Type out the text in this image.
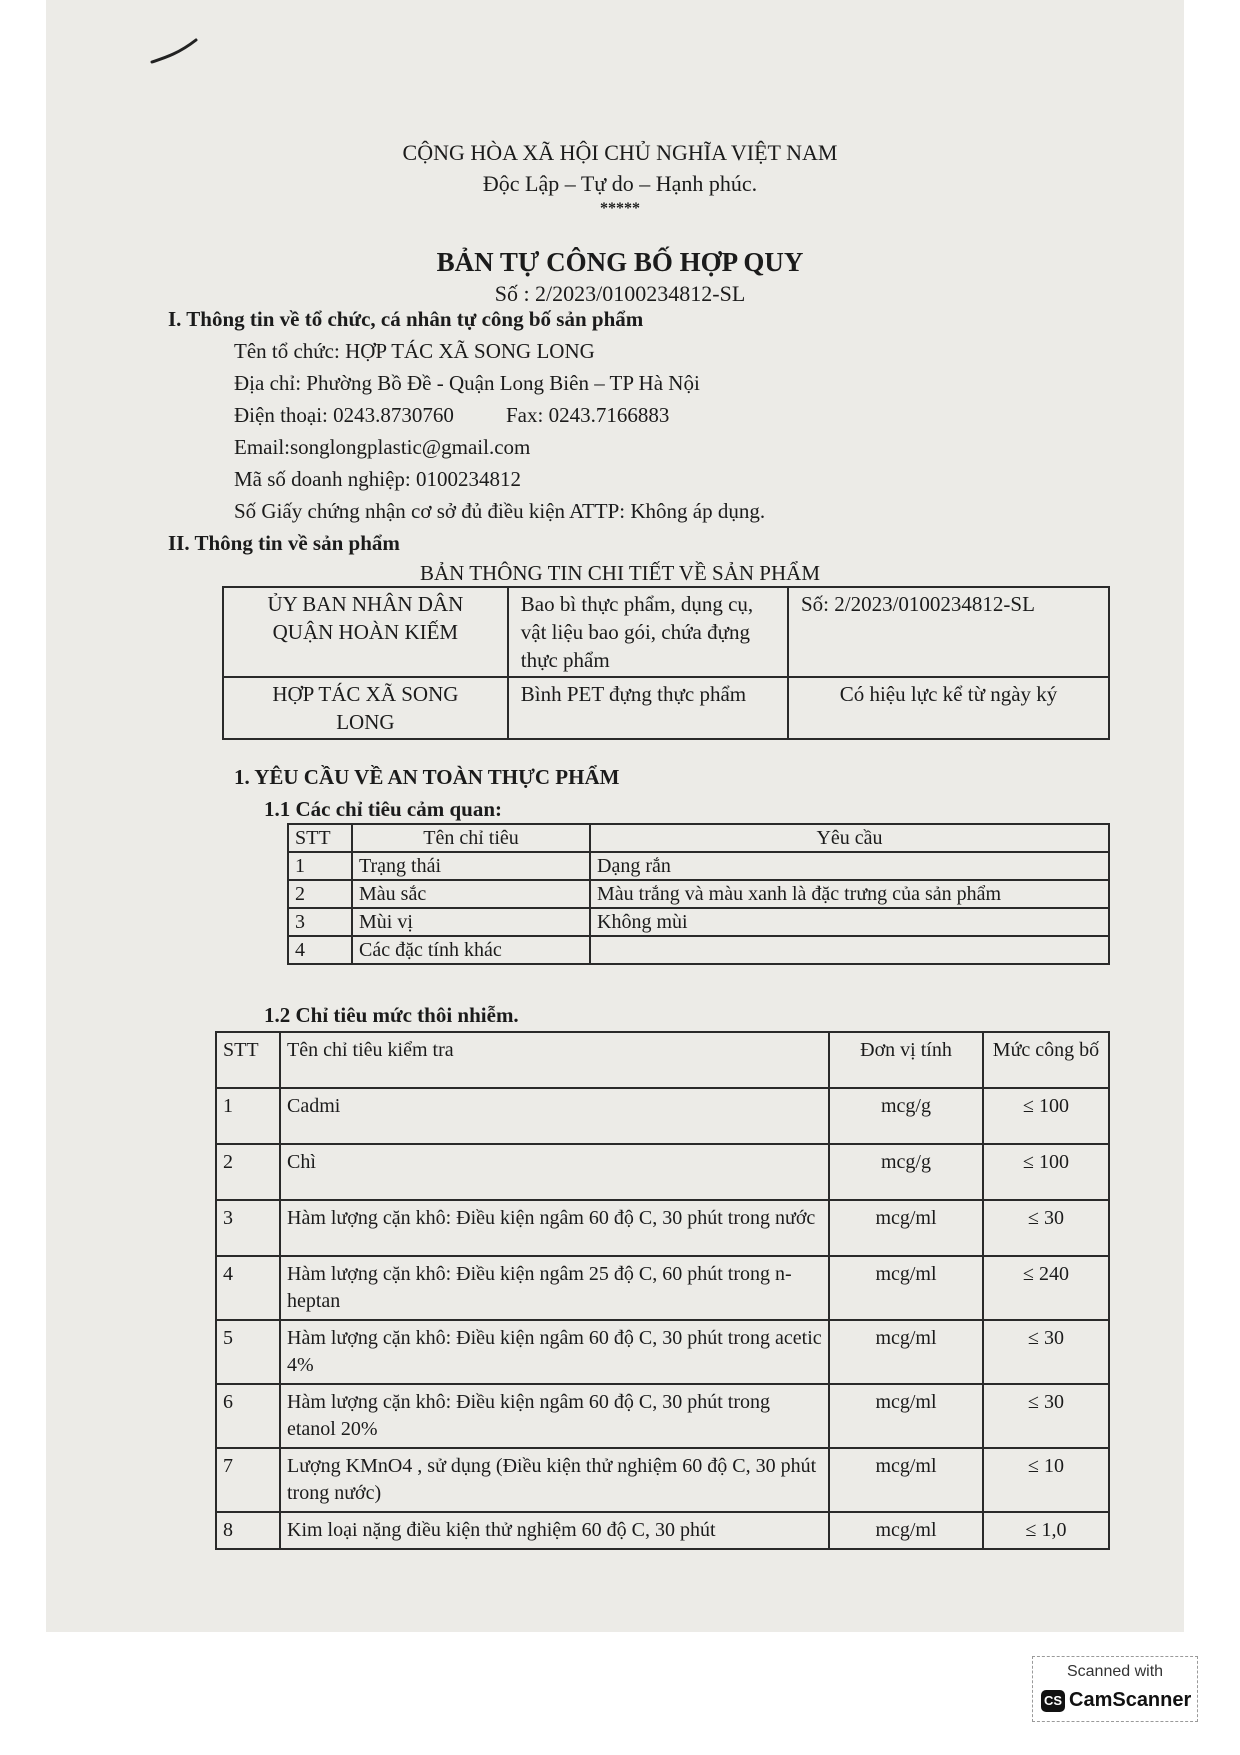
CỘNG HÒA XÃ HỘI CHỦ NGHĨA VIỆT NAM
Độc Lập – Tự do – Hạnh phúc.
*****
BẢN TỰ CÔNG BỐ HỢP QUY
Số : 2/2023/0100234812-SL
I. Thông tin về tổ chức, cá nhân tự công bố sản phẩm
Tên tổ chức: HỢP TÁC XÃ SONG LONG
Địa chỉ: Phường Bồ Đề - Quận Long Biên – TP Hà Nội
Điện thoại: 0243.8730760 Fax: 0243.7166883
Email:songlongplastic@gmail.com
Mã số doanh nghiệp: 0100234812
Số Giấy chứng nhận cơ sở đủ điều kiện ATTP: Không áp dụng.
II. Thông tin về sản phẩm
BẢN THÔNG TIN CHI TIẾT VỀ SẢN PHẨM
ỦY BAN NHÂN DÂN QUẬN HOÀN KIẾM	Bao bì thực phẩm, dụng cụ, vật liệu bao gói, chứa đựng thực phẩm	Số: 2/2023/0100234812-SL
HỢP TÁC XÃ SONG LONG	Bình PET đựng thực phẩm	Có hiệu lực kể từ ngày ký
1. YÊU CẦU VỀ AN TOÀN THỰC PHẨM
1.1 Các chỉ tiêu cảm quan:
STT	Tên chỉ tiêu	Yêu cầu
1	Trạng thái	Dạng rắn
2	Màu sắc	Màu trắng và màu xanh là đặc trưng của sản phẩm
3	Mùi vị	Không mùi
4	Các đặc tính khác	
1.2 Chỉ tiêu mức thôi nhiễm.
STT	Tên chỉ tiêu kiểm tra	Đơn vị tính	Mức công bố
1	Cadmi	mcg/g	≤ 100
2	Chì	mcg/g	≤ 100
3	Hàm lượng cặn khô: Điều kiện ngâm 60 độ C, 30 phút trong nước	mcg/ml	≤ 30
4	Hàm lượng cặn khô: Điều kiện ngâm 25 độ C, 60 phút trong n-heptan	mcg/ml	≤ 240
5	Hàm lượng cặn khô: Điều kiện ngâm 60 độ C, 30 phút trong acetic 4%	mcg/ml	≤ 30
6	Hàm lượng cặn khô: Điều kiện ngâm 60 độ C, 30 phút trong etanol 20%	mcg/ml	≤ 30
7	Lượng KMnO4 , sử dụng (Điều kiện thử nghiệm 60 độ C, 30 phút trong nước)	mcg/ml	≤ 10
8	Kim loại nặng điều kiện thử nghiệm 60 độ C, 30 phút	mcg/ml	≤ 1,0
Scanned with
CS CamScanner
